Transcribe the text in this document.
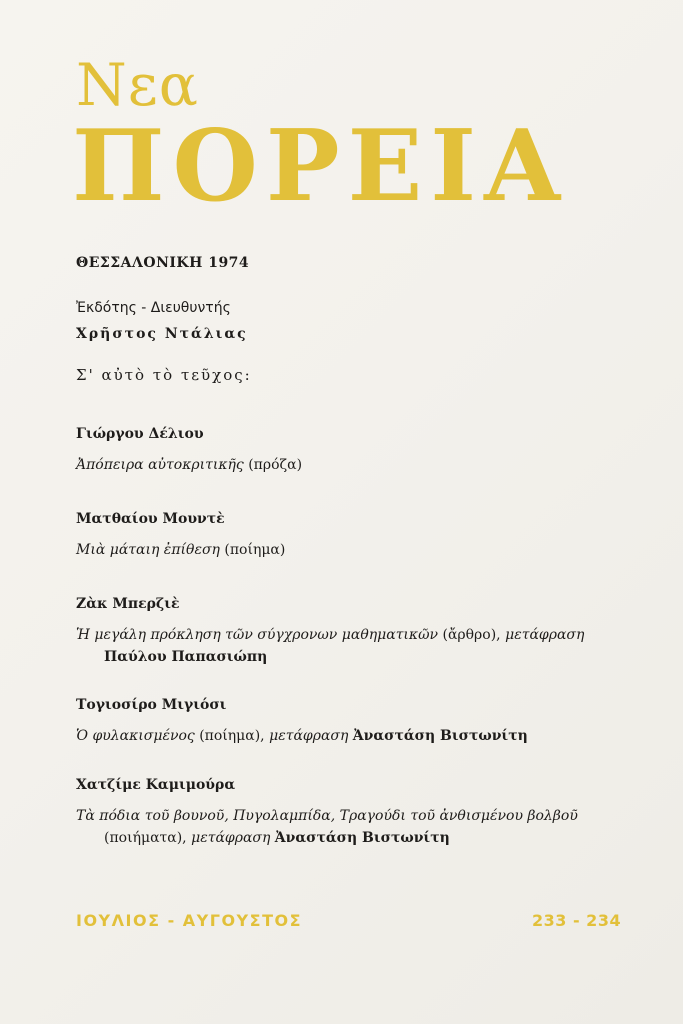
Νεα
ΠΟΡΕΙΑ
ΘΕΣΣΑΛΟΝΙΚΗ 1974
Ἐκδότης - Διευθυντής
Χρῆστος Ντάλιας
Σ' αὐτὸ τὸ τεῦχος:

Γιώργου Δέλιου

Ἀπόπειρα αὐτοκριτικῆς (πρόζα)

Ματθαίου Μουντὲ

Μιὰ μάταιη ἐπίθεση (ποίημα)

Ζὰκ Μπερζιὲ

Ἡ μεγάλη πρόκληση τῶν σύγχρονων μαθηματικῶν (ἄρθρο), μετάφραση

Παύλου Παπασιώπη

Τογιοσίρο Μιγιόσι

Ὁ φυλακισμένος (ποίημα), μετάφραση Ἀναστάση Βιστωνίτη

Χατζίμε Καμιμούρα

Τὰ πόδια τοῦ βουνοῦ, Πυγολαμπίδα, Τραγούδι τοῦ ἀνθισμένου βολβοῦ

(ποιήματα), μετάφραση Ἀναστάση Βιστωνίτη

ΙΟΥΛΙΟΣ - ΑΥΓΟΥΣΤΟΣ	233 - 234
